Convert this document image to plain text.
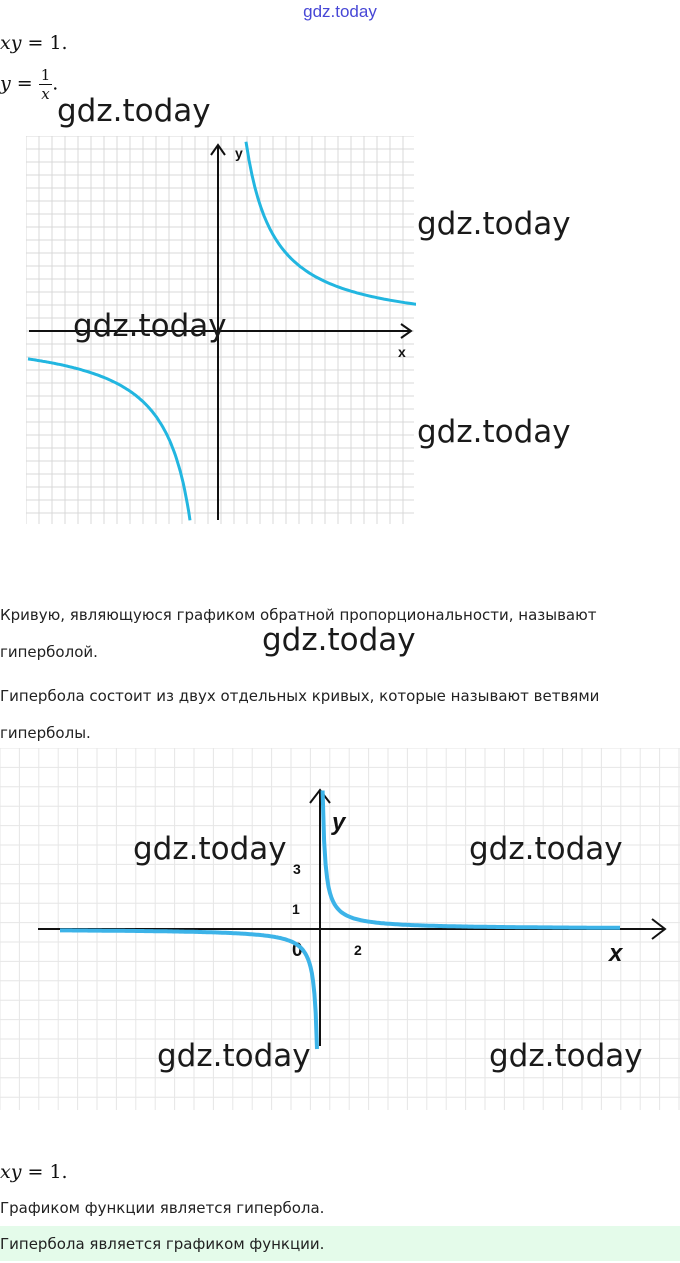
gdz.today
xy = 1.
$y = \frac{1}{x}$ .
x
y
gdz.today
gdz.today
gdz.today
gdz.today
Кривую, являющуюся графиком обратной пропорциональности, называют гиперболой.	gdz.today
Гипербола состоит из двух отдельных кривых, которые называют ветвями гиперболы.
y
x
0
1
3
2
gdz.today	gdz.today
gdz.today	gdz.today
xy = 1.
Графиком функции является гипербола.
Гипербола является графиком функции.
